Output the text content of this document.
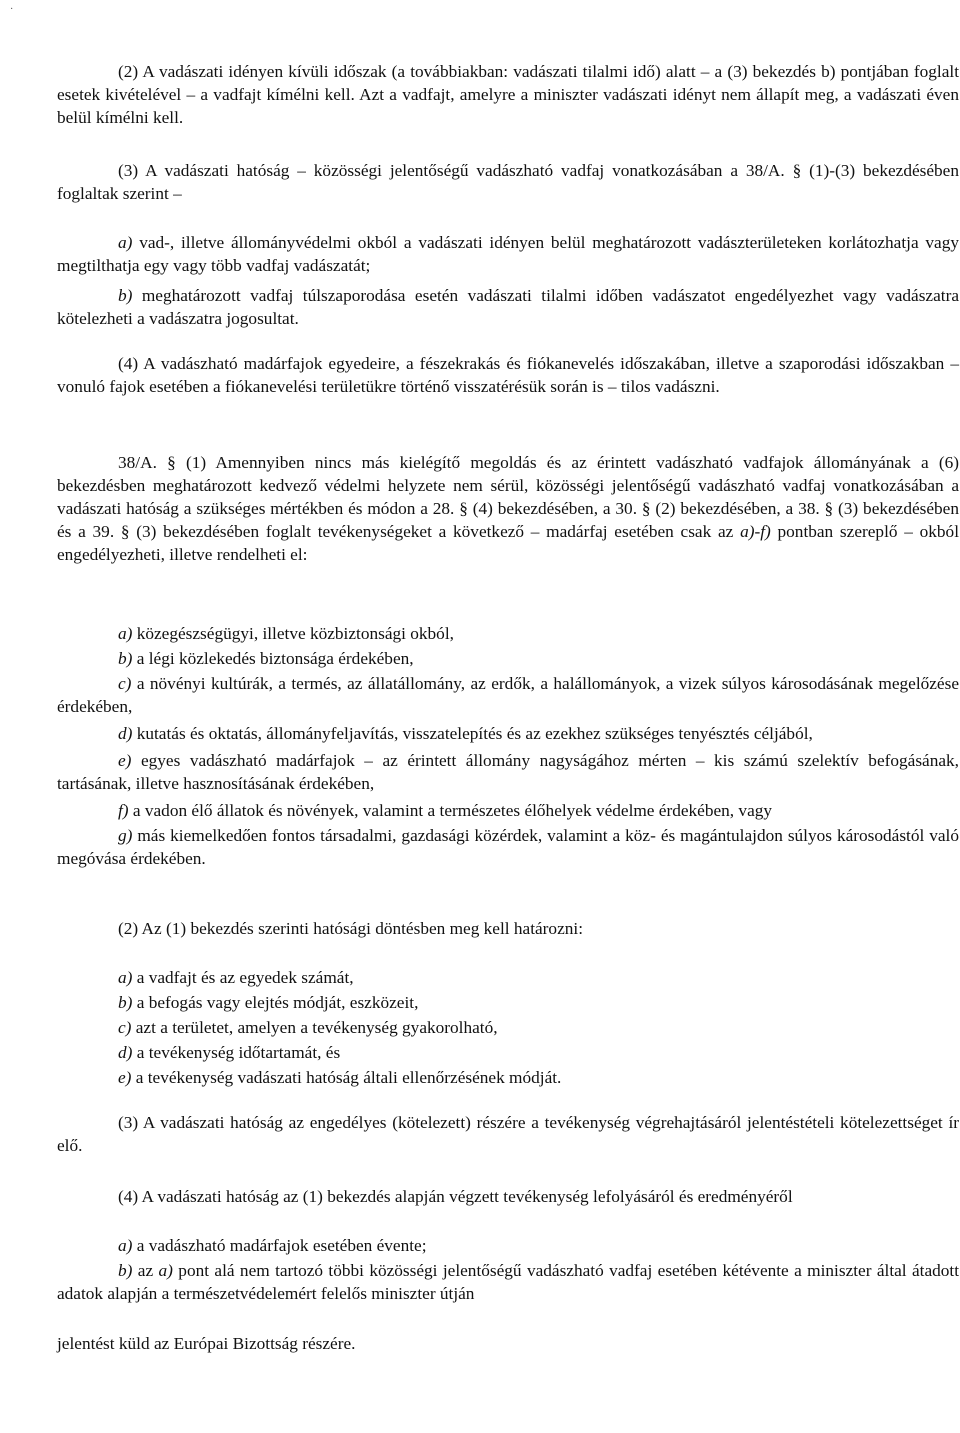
·

(2) A vadászati idényen kívüli időszak (a továbbiakban: vadászati tilalmi idő) alatt – a (3) bekezdés b) pontjában foglalt esetek kivételével – a vadfajt kímélni kell. Azt a vadfajt, amelyre a miniszter vadászati idényt nem állapít meg, a vadászati éven belül kímélni kell.

(3) A vadászati hatóság – közösségi jelentőségű vadászható vadfaj vonatkozásában a 38/A. § (1)-(3) bekezdésében foglaltak szerint –

a) vad-, illetve állományvédelmi okból a vadászati idényen belül meghatározott vadászterületeken korlátozhatja vagy megtilthatja egy vagy több vadfaj vadászatát;

b) meghatározott vadfaj túlszaporodása esetén vadászati tilalmi időben vadászatot engedélyezhet vagy vadászatra kötelezheti a vadászatra jogosultat.

(4) A vadászható madárfajok egyedeire, a fészekrakás és fiókanevelés időszakában, illetve a szaporodási időszakban – vonuló fajok esetében a fiókanevelési területükre történő visszatérésük során is – tilos vadászni.

38/A. § (1) Amennyiben nincs más kielégítő megoldás és az érintett vadászható vadfajok állományának a (6) bekezdésben meghatározott kedvező védelmi helyzete nem sérül, közösségi jelentőségű vadászható vadfaj vonatkozásában a vadászati hatóság a szükséges mértékben és módon a 28. § (4) bekezdésében, a 30. § (2) bekezdésében, a 38. § (3) bekezdésében és a 39. § (3) bekezdésében foglalt tevékenységeket a következő – madárfaj esetében csak az a)-f) pontban szereplő – okból engedélyezheti, illetve rendelheti el:

a) közegészségügyi, illetve közbiztonsági okból,

b) a légi közlekedés biztonsága érdekében,

c) a növényi kultúrák, a termés, az állatállomány, az erdők, a halállományok, a vizek súlyos károsodásának megelőzése érdekében,

d) kutatás és oktatás, állományfeljavítás, visszatelepítés és az ezekhez szükséges tenyésztés céljából,

e) egyes vadászható madárfajok – az érintett állomány nagyságához mérten – kis számú szelektív befogásának, tartásának, illetve hasznosításának érdekében,

f) a vadon élő állatok és növények, valamint a természetes élőhelyek védelme érdekében, vagy

g) más kiemelkedően fontos társadalmi, gazdasági közérdek, valamint a köz- és magántulajdon súlyos károsodástól való megóvása érdekében.

(2) Az (1) bekezdés szerinti hatósági döntésben meg kell határozni:

a) a vadfajt és az egyedek számát,

b) a befogás vagy elejtés módját, eszközeit,

c) azt a területet, amelyen a tevékenység gyakorolható,

d) a tevékenység időtartamát, és

e) a tevékenység vadászati hatóság általi ellenőrzésének módját.

(3) A vadászati hatóság az engedélyes (kötelezett) részére a tevékenység végrehajtásáról jelentéstételi kötelezettséget ír elő.

(4) A vadászati hatóság az (1) bekezdés alapján végzett tevékenység lefolyásáról és eredményéről

a) a vadászható madárfajok esetében évente;

b) az a) pont alá nem tartozó többi közösségi jelentőségű vadászható vadfaj esetében kétévente a miniszter által átadott adatok alapján a természetvédelemért felelős miniszter útján

jelentést küld az Európai Bizottság részére.
